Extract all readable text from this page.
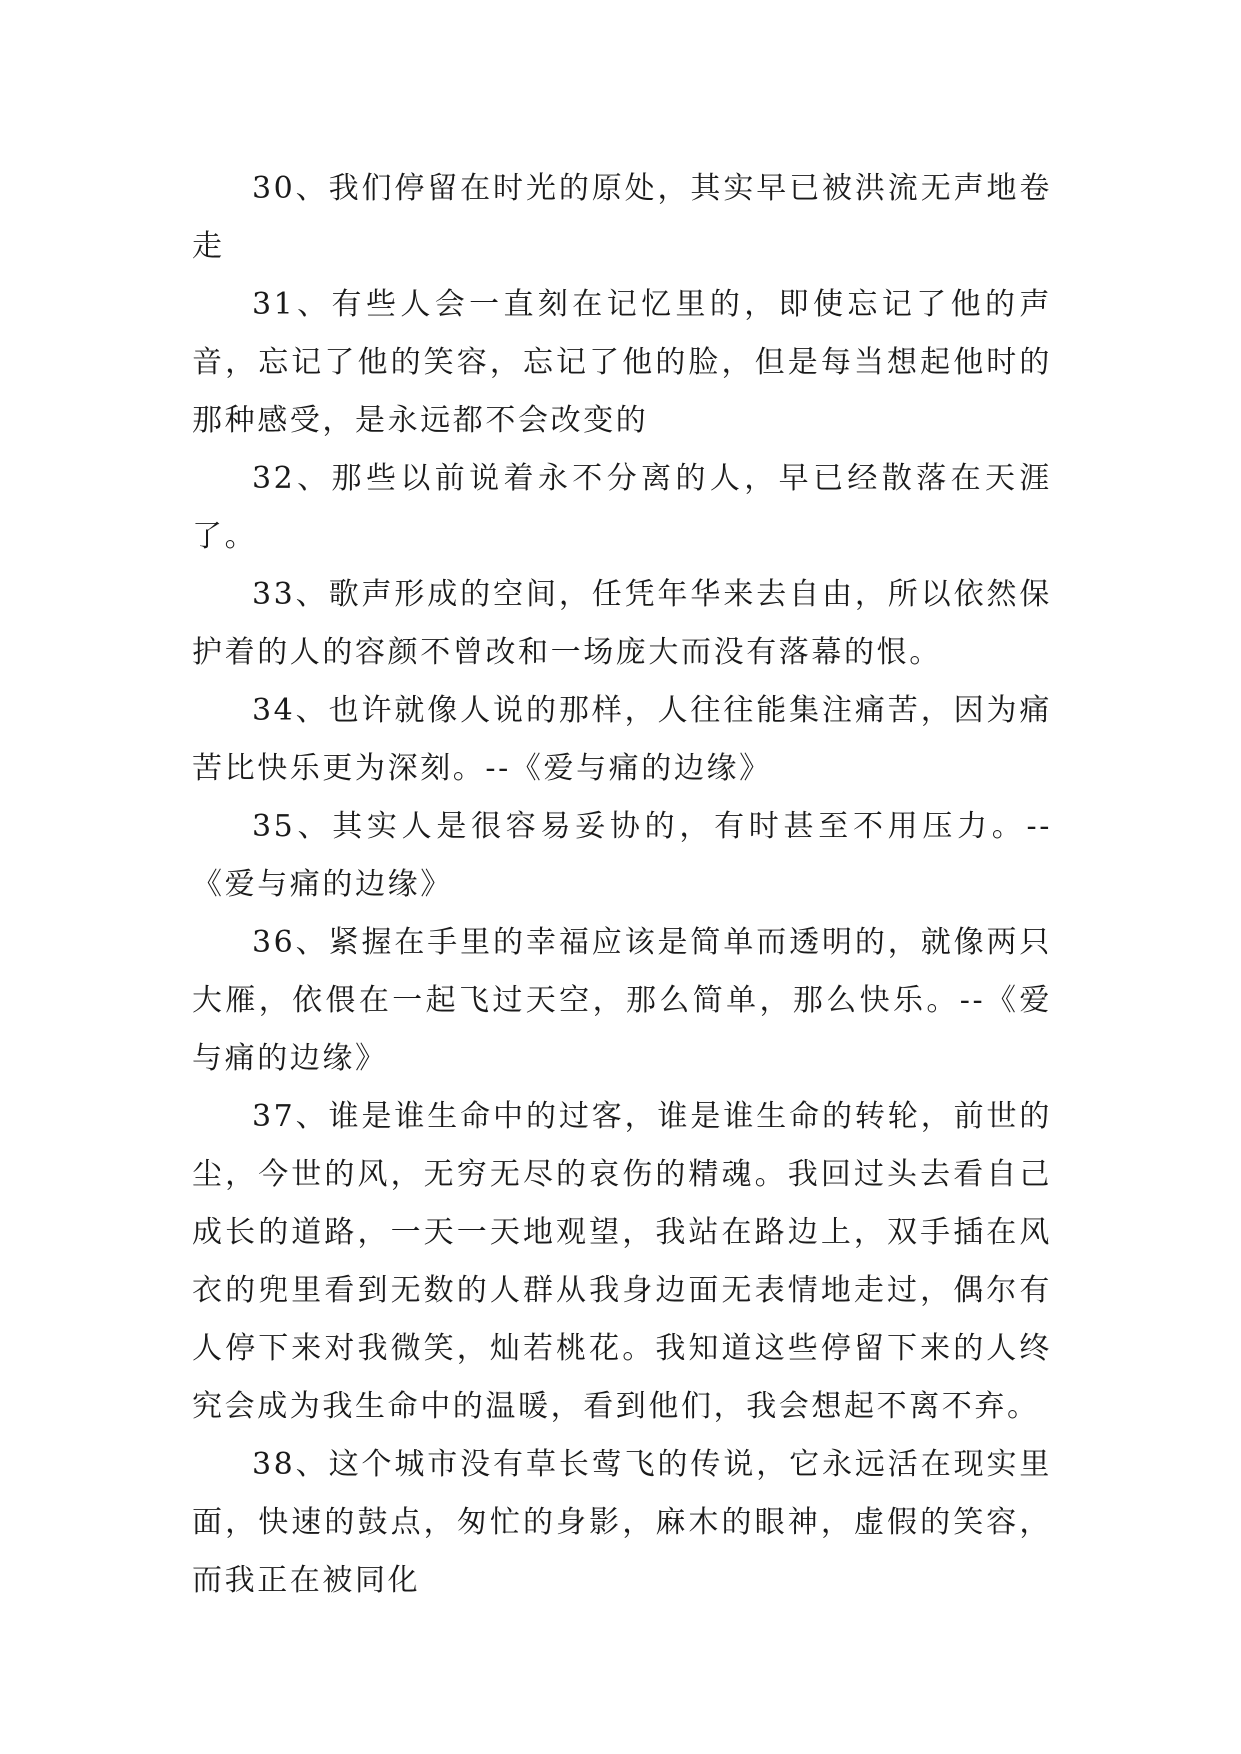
30、我们停留在时光的原处，其实早已被洪流无声地卷走

31、有些人会一直刻在记忆里的，即使忘记了他的声音，忘记了他的笑容，忘记了他的脸，但是每当想起他时的那种感受，是永远都不会改变的

32、那些以前说着永不分离的人，早已经散落在天涯了。

33、歌声形成的空间，任凭年华来去自由，所以依然保护着的人的容颜不曾改和一场庞大而没有落幕的恨。

34、也许就像人说的那样，人往往能集注痛苦，因为痛苦比快乐更为深刻。--《爱与痛的边缘》

35、其实人是很容易妥协的，有时甚至不用压力。--《爱与痛的边缘》

36、紧握在手里的幸福应该是简单而透明的，就像两只大雁，依偎在一起飞过天空，那么简单，那么快乐。--《爱与痛的边缘》

37、谁是谁生命中的过客，谁是谁生命的转轮，前世的尘，今世的风，无穷无尽的哀伤的精魂。我回过头去看自己成长的道路，一天一天地观望，我站在路边上，双手插在风衣的兜里看到无数的人群从我身边面无表情地走过，偶尔有人停下来对我微笑，灿若桃花。我知道这些停留下来的人终究会成为我生命中的温暖，看到他们，我会想起不离不弃。

38、这个城市没有草长莺飞的传说，它永远活在现实里面，快速的鼓点，匆忙的身影，麻木的眼神，虚假的笑容，而我正在被同化
